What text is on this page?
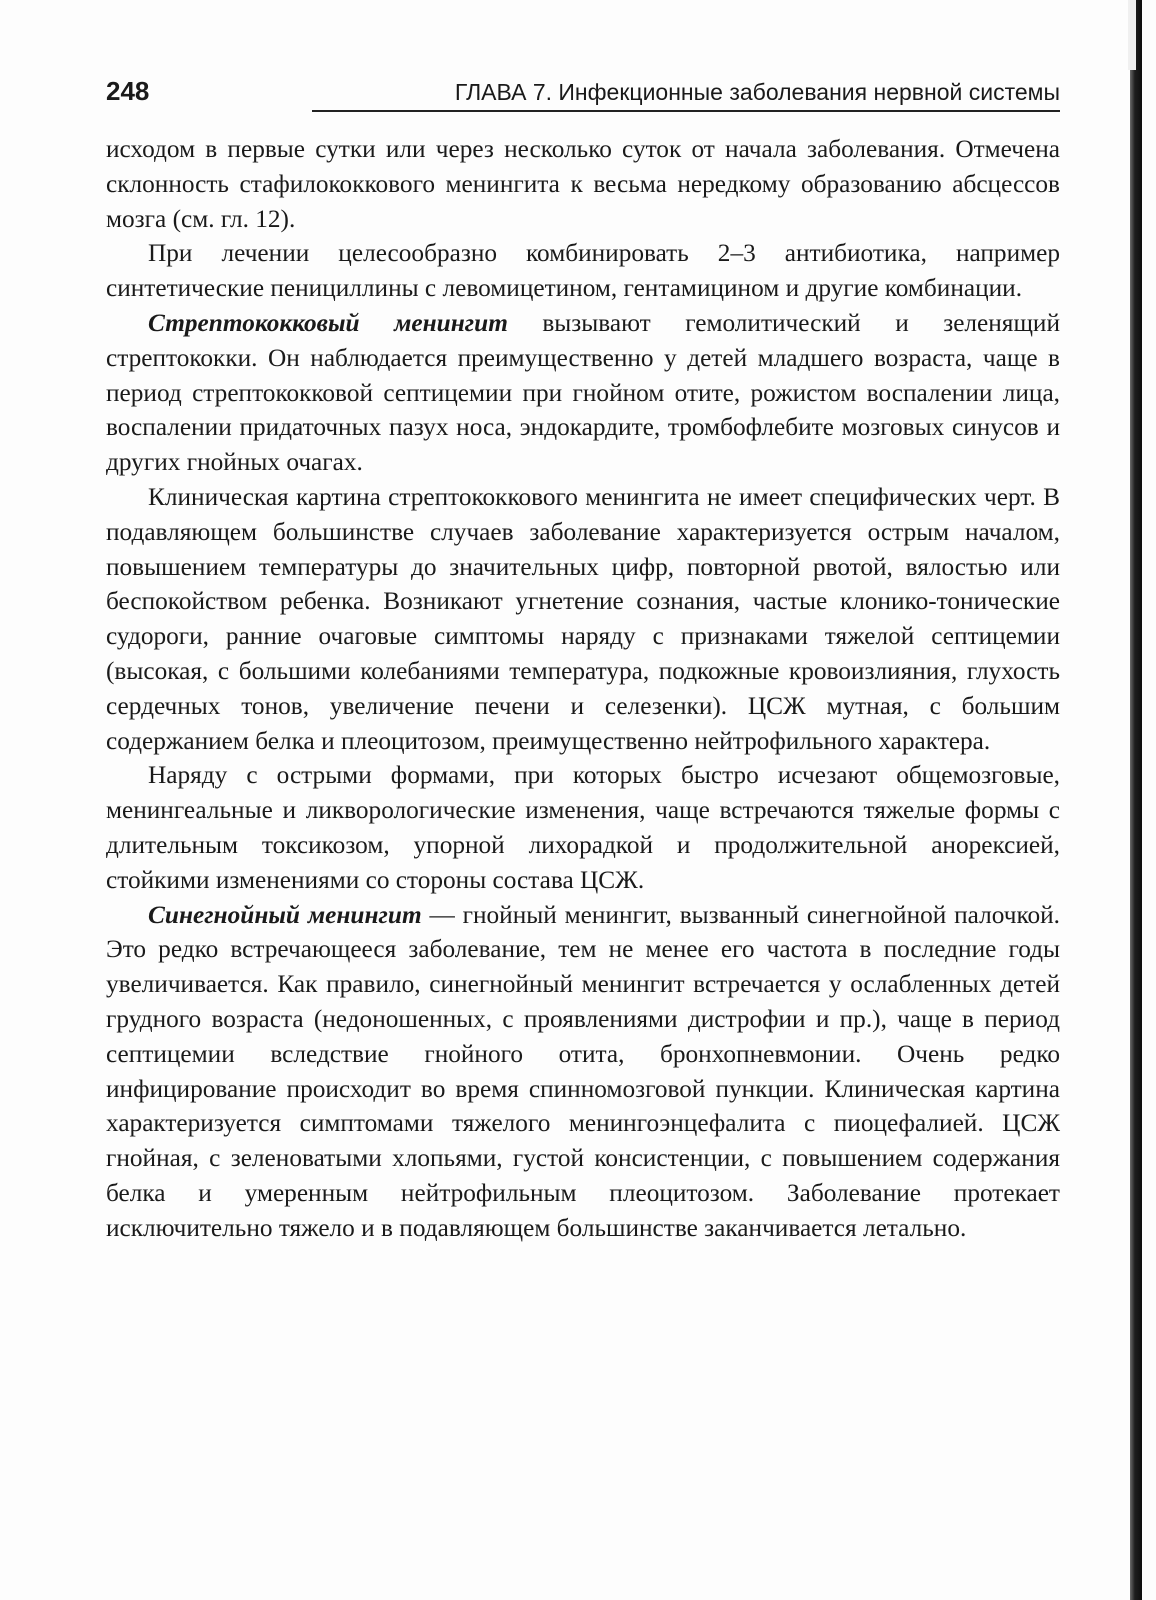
248	ГЛАВА 7. Инфекционные заболевания нервной системы

исходом в первые сутки или через несколько суток от начала заболевания. Отмечена склонность стафилококкового менингита к весьма нередкому образованию абсцессов мозга (см. гл. 12).

При лечении целесообразно комбинировать 2–3 антибиотика, например синтетические пенициллины с левомицетином, гентамицином и другие комбинации.

Стрептококковый менингит вызывают гемолитический и зеленящий стрептококки. Он наблюдается преимущественно у детей младшего возраста, чаще в период стрептококковой септицемии при гнойном отите, рожистом воспалении лица, воспалении придаточных пазух носа, эндокардите, тромбофлебите мозговых синусов и других гнойных очагах.

Клиническая картина стрептококкового менингита не имеет специфических черт. В подавляющем большинстве случаев заболевание характеризуется острым началом, повышением температуры до значительных цифр, повторной рвотой, вялостью или беспокойством ребенка. Возникают угнетение сознания, частые клонико-тонические судороги, ранние очаговые симптомы наряду с признаками тяжелой септицемии (высокая, с большими колебаниями температура, подкожные кровоизлияния, глухость сердечных тонов, увеличение печени и селезенки). ЦСЖ мутная, с большим содержанием белка и плеоцитозом, преимущественно нейтрофильного характера.

Наряду с острыми формами, при которых быстро исчезают общемозговые, менингеальные и ликворологические изменения, чаще встречаются тяжелые формы с длительным токсикозом, упорной лихорадкой и продолжительной анорексией, стойкими изменениями со стороны состава ЦСЖ.

Синегнойный менингит — гнойный менингит, вызванный синегнойной палочкой. Это редко встречающееся заболевание, тем не менее его частота в последние годы увеличивается. Как правило, синегнойный менингит встречается у ослабленных детей грудного возраста (недоношенных, с проявлениями дистрофии и пр.), чаще в период септицемии вследствие гнойного отита, бронхопневмонии. Очень редко инфицирование происходит во время спинномозговой пункции. Клиническая картина характеризуется симптомами тяжелого менингоэнцефалита с пиоцефалией. ЦСЖ гнойная, с зеленоватыми хлопьями, густой консистенции, с повышением содержания белка и умеренным нейтрофильным плеоцитозом. Заболевание протекает исключительно тяжело и в подавляющем большинстве заканчивается летально.
